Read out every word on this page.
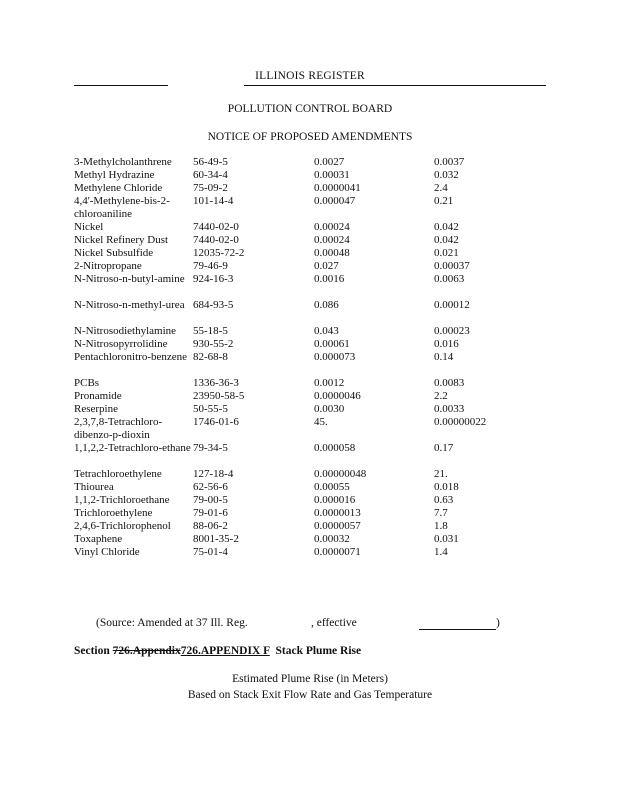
ILLINOIS REGISTER
POLLUTION CONTROL BOARD
NOTICE OF PROPOSED AMENDMENTS
3-Methylcholanthrene	56-49-5	0.0027	0.0037
Methyl Hydrazine	60-34-4	0.00031	0.032
Methylene Chloride	75-09-2	0.0000041	2.4
4,4'-Methylene-bis-2-chloroaniline	101-14-4	0.000047	0.21
Nickel	7440-02-0	0.00024	0.042
Nickel Refinery Dust	7440-02-0	0.00024	0.042
Nickel Subsulfide	12035-72-2	0.00048	0.021
2-Nitropropane	79-46-9	0.027	0.00037
N-Nitroso-n-butyl-amine	924-16-3	0.0016	0.0063
N-Nitroso-n-methyl-urea	684-93-5	0.086	0.00012
N-Nitrosodiethylamine	55-18-5	0.043	0.00023
N-Nitrosopyrrolidine	930-55-2	0.00061	0.016
Pentachloronitro-benzene	82-68-8	0.000073	0.14
PCBs	1336-36-3	0.0012	0.0083
Pronamide	23950-58-5	0.0000046	2.2
Reserpine	50-55-5	0.0030	0.0033
2,3,7,8-Tetrachloro-dibenzo-p-dioxin	1746-01-6	45.	0.00000022
1,1,2,2-Tetrachloro-ethane	79-34-5	0.000058	0.17
Tetrachloroethylene	127-18-4	0.00000048	21.
Thiourea	62-56-6	0.00055	0.018
1,1,2-Trichloroethane	79-00-5	0.000016	0.63
Trichloroethylene	79-01-6	0.0000013	7.7
2,4,6-Trichlorophenol	88-06-2	0.0000057	1.8
Toxaphene	8001-35-2	0.00032	0.031
Vinyl Chloride	75-01-4	0.0000071	1.4
(Source: Amended at 37 Ill. Reg.	, effective	)
Section 726.Appendix726.APPENDIX F  Stack Plume Rise
Estimated Plume Rise (in Meters)
Based on Stack Exit Flow Rate and Gas Temperature
